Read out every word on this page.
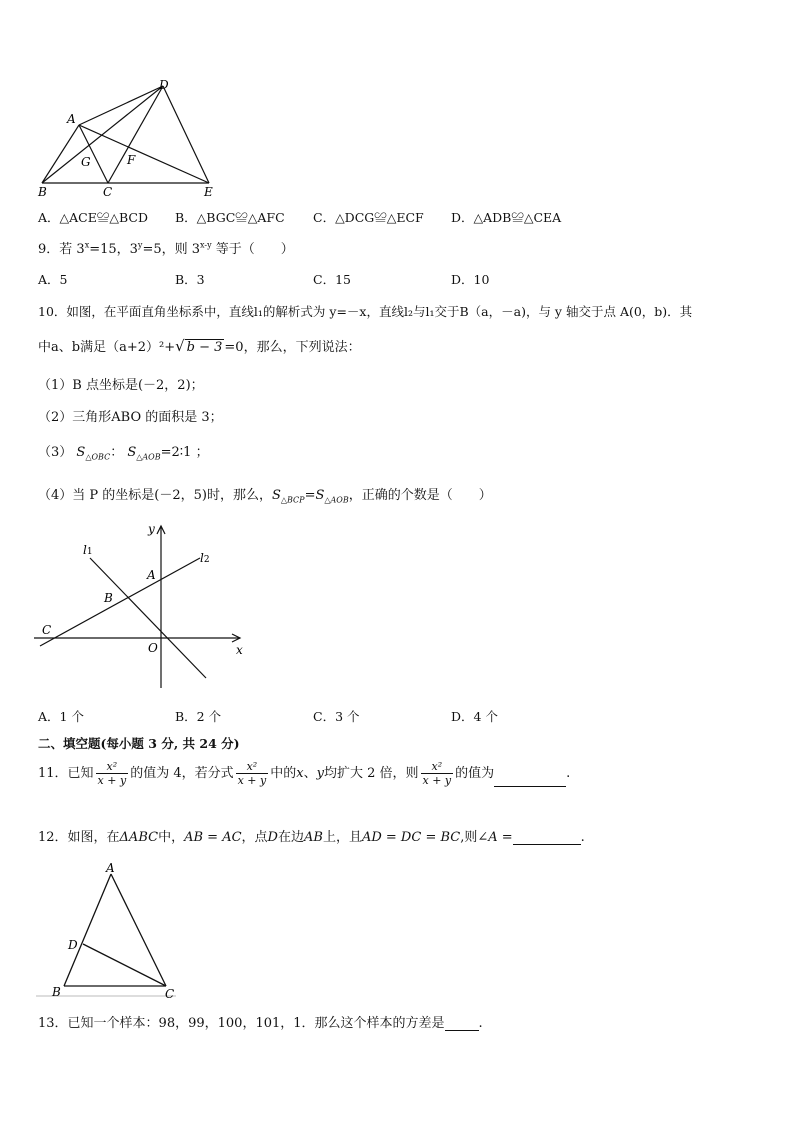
D
A
G	F
B	C	E
A．△ACE≌△BCD B．△BGC≌△AFC C．△DCG≌△ECF D．△ADB≌△CEA
9．若 $3^x=15$，$3^y=5$，则 3$^{x-y}$ 等于（　　）
A．5	B．3	C．15	D．10
10．如图，在平面直角坐标系中，直线l₁的解析式为 y=－x，直线l₂与l₁交于B（a，－a)，与 y 轴交于点 A(0，b)．其
中a、b满足（a+2）²+√ b − 3 =0，那么，下列说法：
（1）B 点坐标是(－2，2)；
（2）三角形ABO 的面积是 3；
（3） $S_{\triangle OBC}$： $S_{\triangle AOB}=2∶1$ ；
（4）当 P 的坐标是(－2，5)时，那么，$S_{\triangle BCP}=S_{\triangle AOB}$，正确的个数是（　　）
y
x
l1	l2
A
B
C
O
A．1 个	B．2 个	C．3 个	D．4 个
二、填空题(每小题 3 分, 共 24 分)
11．已知 $\frac{\text{x²}}{x + y}$ 的值为 4，若分式 $\frac{\text{x²}}{x + y}$ 中的x、y均扩大 2 倍，则 $\frac{\text{x²}}{x + y}$ 的值为	.
12．如图，在ΔABC中，AB = AC，点D在边AB上，且AD = DC = BC,则∠A =	.
A
D
B	C
13．已知一个样本：98，99，100，101，1．那么这个样本的方差是	.
